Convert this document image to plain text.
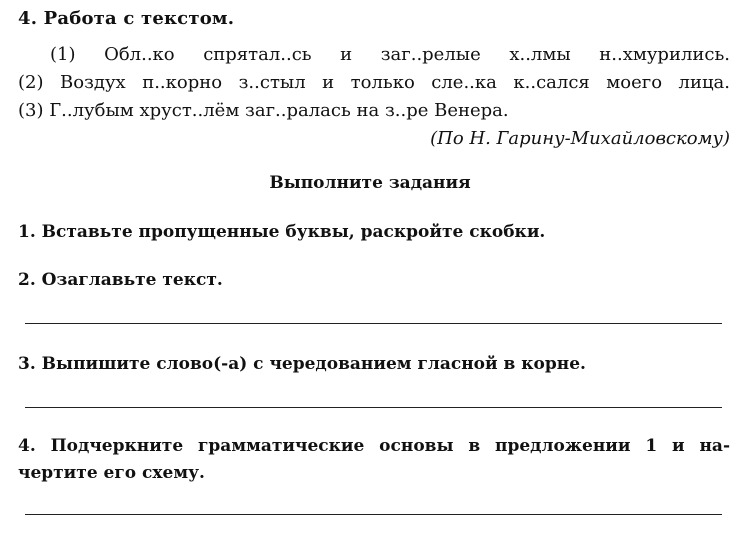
4. Работа с текстом.
(1) Обл..ко спрятал..сь и заг..релые х..лмы н..хмурились.
(2) Воздух п..корно з..стыл и только сле..ка к..сался моего лица.
(3) Г..лубым хруст..лём заг..ралась на з..ре Венера.
(По Н. Гарину-Михайловскому)
Выполните задания
1. Вставьте пропущенные буквы, раскройте скобки.
2. Озаглавьте текст.
3. Выпишите слово(-а) с чередованием гласной в корне.
4. Подчеркните грамматические основы в предложении 1 и на-
чертите его схему.
